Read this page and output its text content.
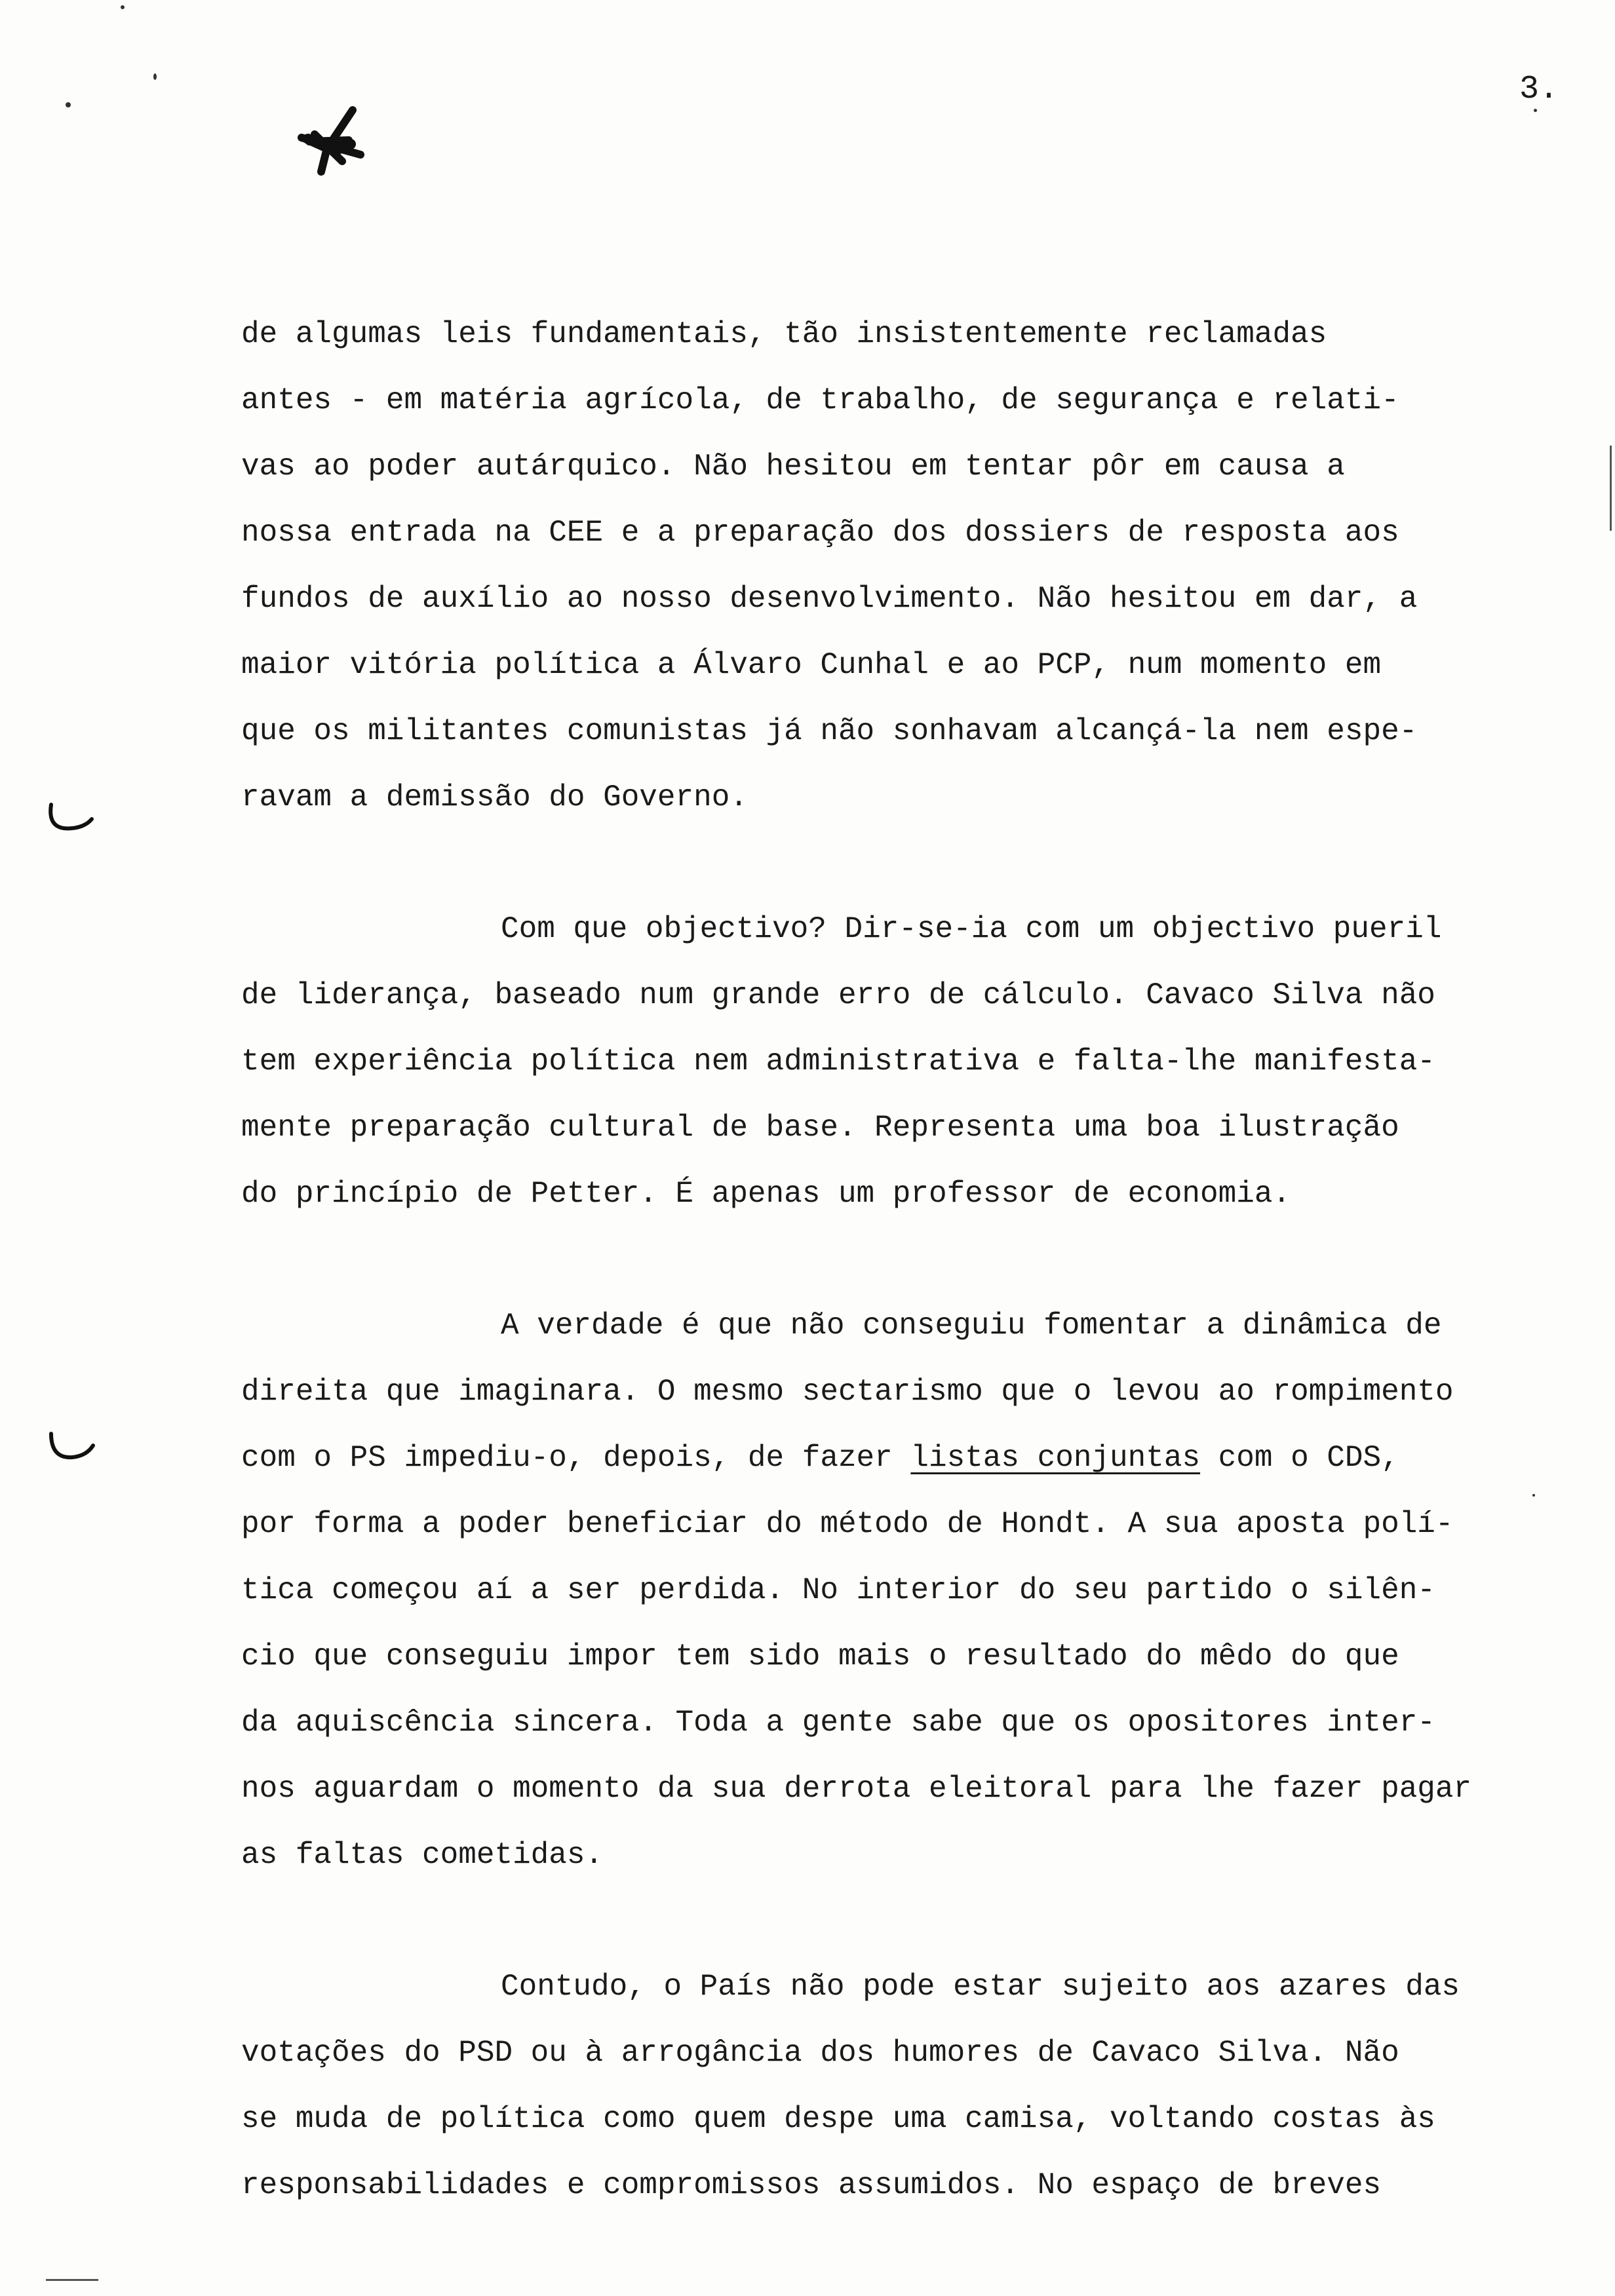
3.
de algumas leis fundamentais, tão insistentemente reclamadas
antes - em matéria agrícola, de trabalho, de segurança e relati-
vas ao poder autárquico. Não hesitou em tentar pôr em causa a
nossa entrada na CEE e a preparação dos dossiers de resposta aos
fundos de auxílio ao nosso desenvolvimento. Não hesitou em dar, a
maior vitória política a Álvaro Cunhal e ao PCP, num momento em
que os militantes comunistas já não sonhavam alcançá-la nem espe-
ravam a demissão do Governo.
Com que objectivo? Dir-se-ia com um objectivo pueril
de liderança, baseado num grande erro de cálculo. Cavaco Silva não
tem experiência política nem administrativa e falta-lhe manifesta-
mente preparação cultural de base. Representa uma boa ilustração
do princípio de Petter. É apenas um professor de economia.
A verdade é que não conseguiu fomentar a dinâmica de
direita que imaginara. O mesmo sectarismo que o levou ao rompimento
com o PS impediu-o, depois, de fazer listas conjuntas com o CDS,
por forma a poder beneficiar do método de Hondt. A sua aposta polí-
tica começou aí a ser perdida. No interior do seu partido o silên-
cio que conseguiu impor tem sido mais o resultado do mêdo do que
da aquiscência sincera. Toda a gente sabe que os opositores inter-
nos aguardam o momento da sua derrota eleitoral para lhe fazer pagar
as faltas cometidas.
Contudo, o País não pode estar sujeito aos azares das
votações do PSD ou à arrogância dos humores de Cavaco Silva. Não
se muda de política como quem despe uma camisa, voltando costas às
responsabilidades e compromissos assumidos. No espaço de breves
